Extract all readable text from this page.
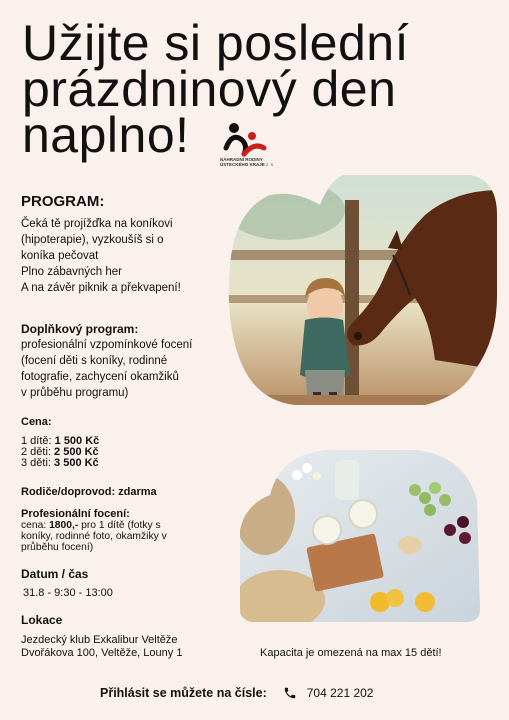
Užijte si poslední
prázdninový den
naplno!	NÁHRADNÍ RODINY
ÚSTECKÉHO KRAJE z. s.
PROGRAM:
Čeká tě projížďka na koníkovi
(hipoterapie), vyzkoušíš si o
koníka pečovat
Plno zábavných her
A na závěr piknik a překvapení!
Doplňkový program:
profesionální vzpomínkové focení
(focení děti s koníky, rodinné
fotografie, zachycení okamžiků
v průběhu programu)
Cena:
1 dítě: 1 500 Kč
2 děti: 2 500 Kč
3 děti: 3 500 Kč
Rodiče/doprovod: zdarma
Profesionální focení:
cena: 1800,- pro 1 dítě (fotky s
koníky, rodinné foto, okamžiky v
průběhu focení)
Datum / čas
31.8 - 9:30 - 13:00
Lokace
Jezdecký klub Exkalibur Veltěže
Dvořákova 100, Veltěže, Louny 1	Kapacita je omezená na max 15 dětí!
Přihlásit se můžete na čísle:	704 221 202
